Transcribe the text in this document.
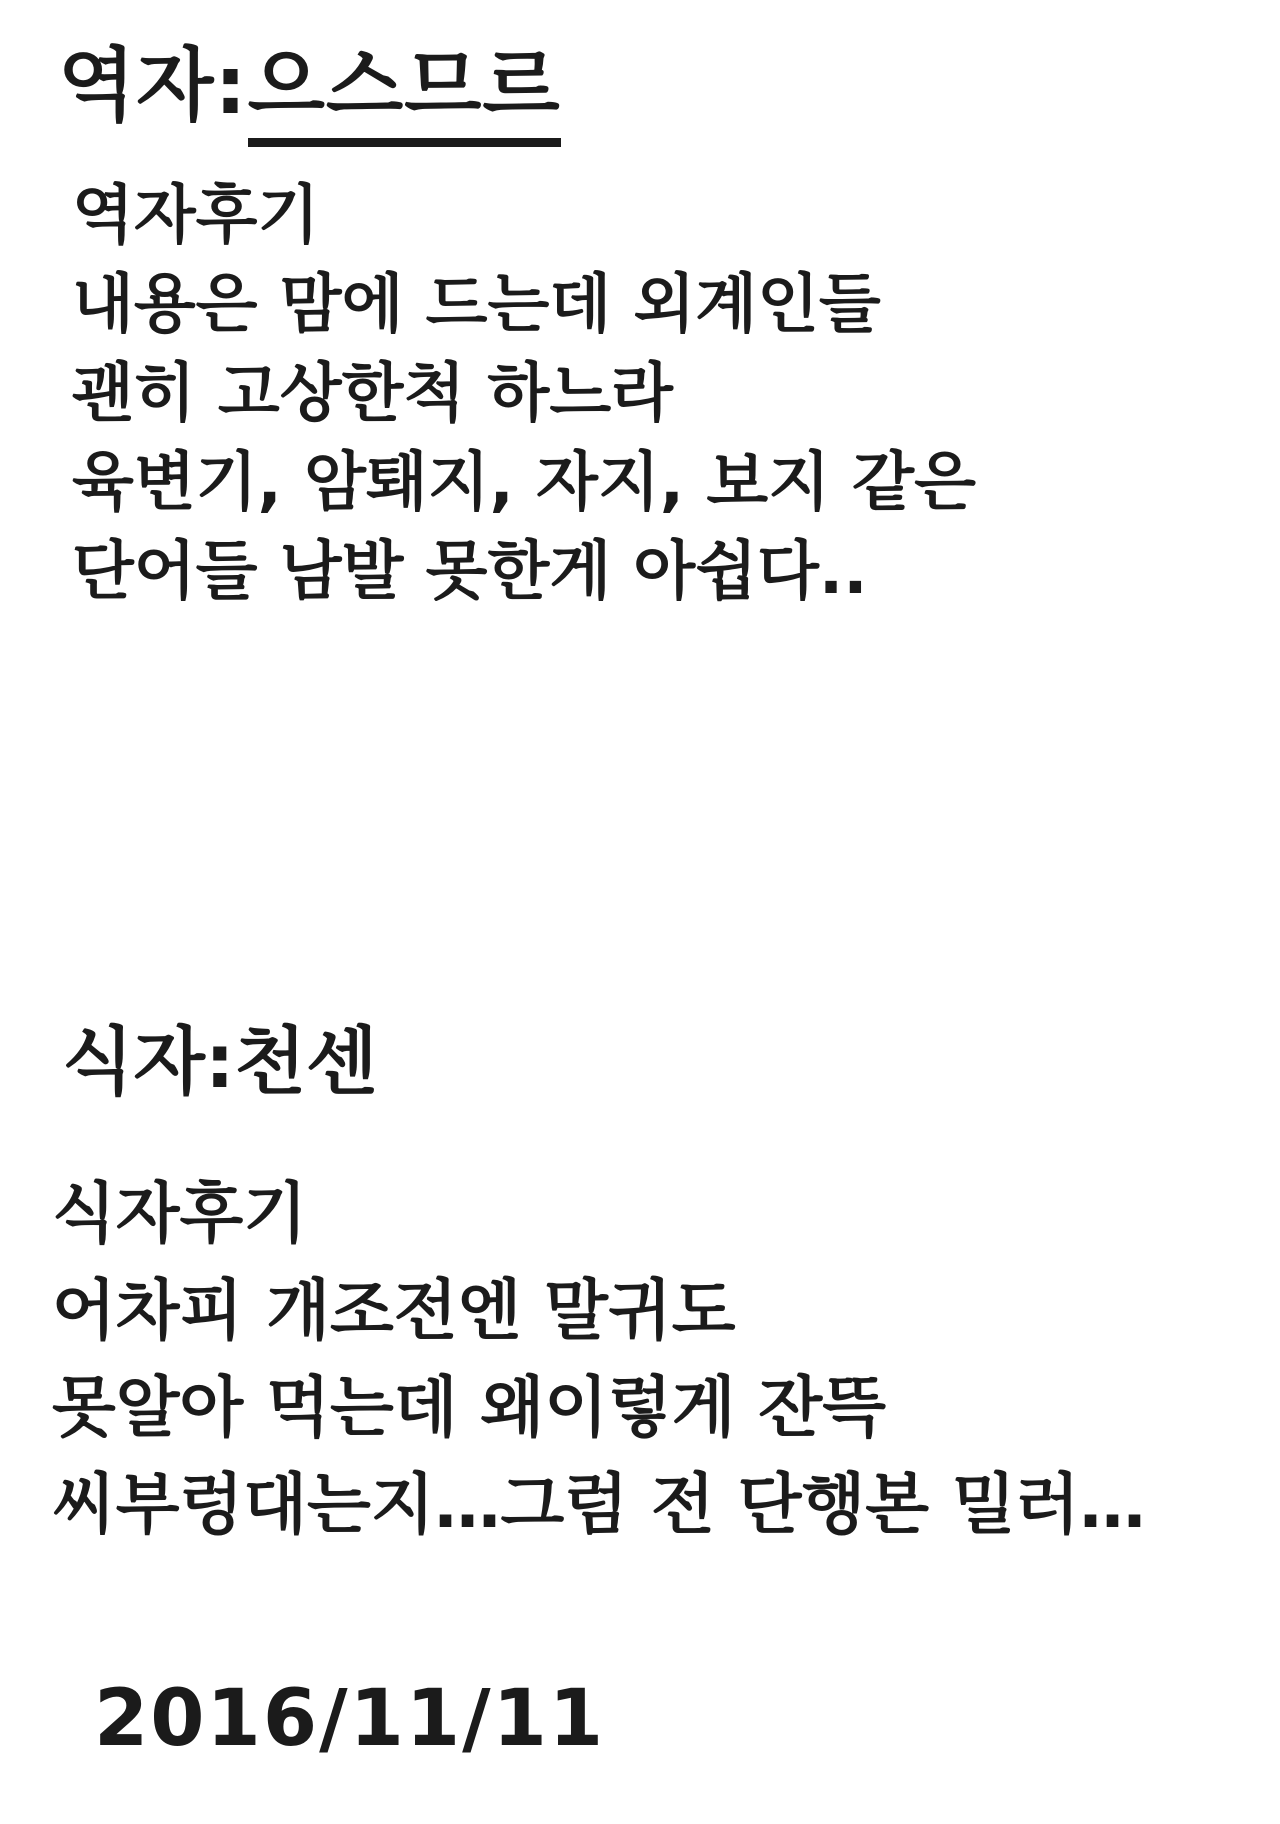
역자:으스므르
역자후기
내용은 맘에 드는데 외계인들
괜히 고상한척 하느라
육변기, 암퇘지, 자지, 보지 같은
단어들 남발 못한게 아쉽다..
식자:천센
식자후기
어차피 개조전엔 말귀도
못알아 먹는데 왜이렇게 잔뜩
씨부렁대는지…그럼 전 단행본 밀러…
2016/11/11
